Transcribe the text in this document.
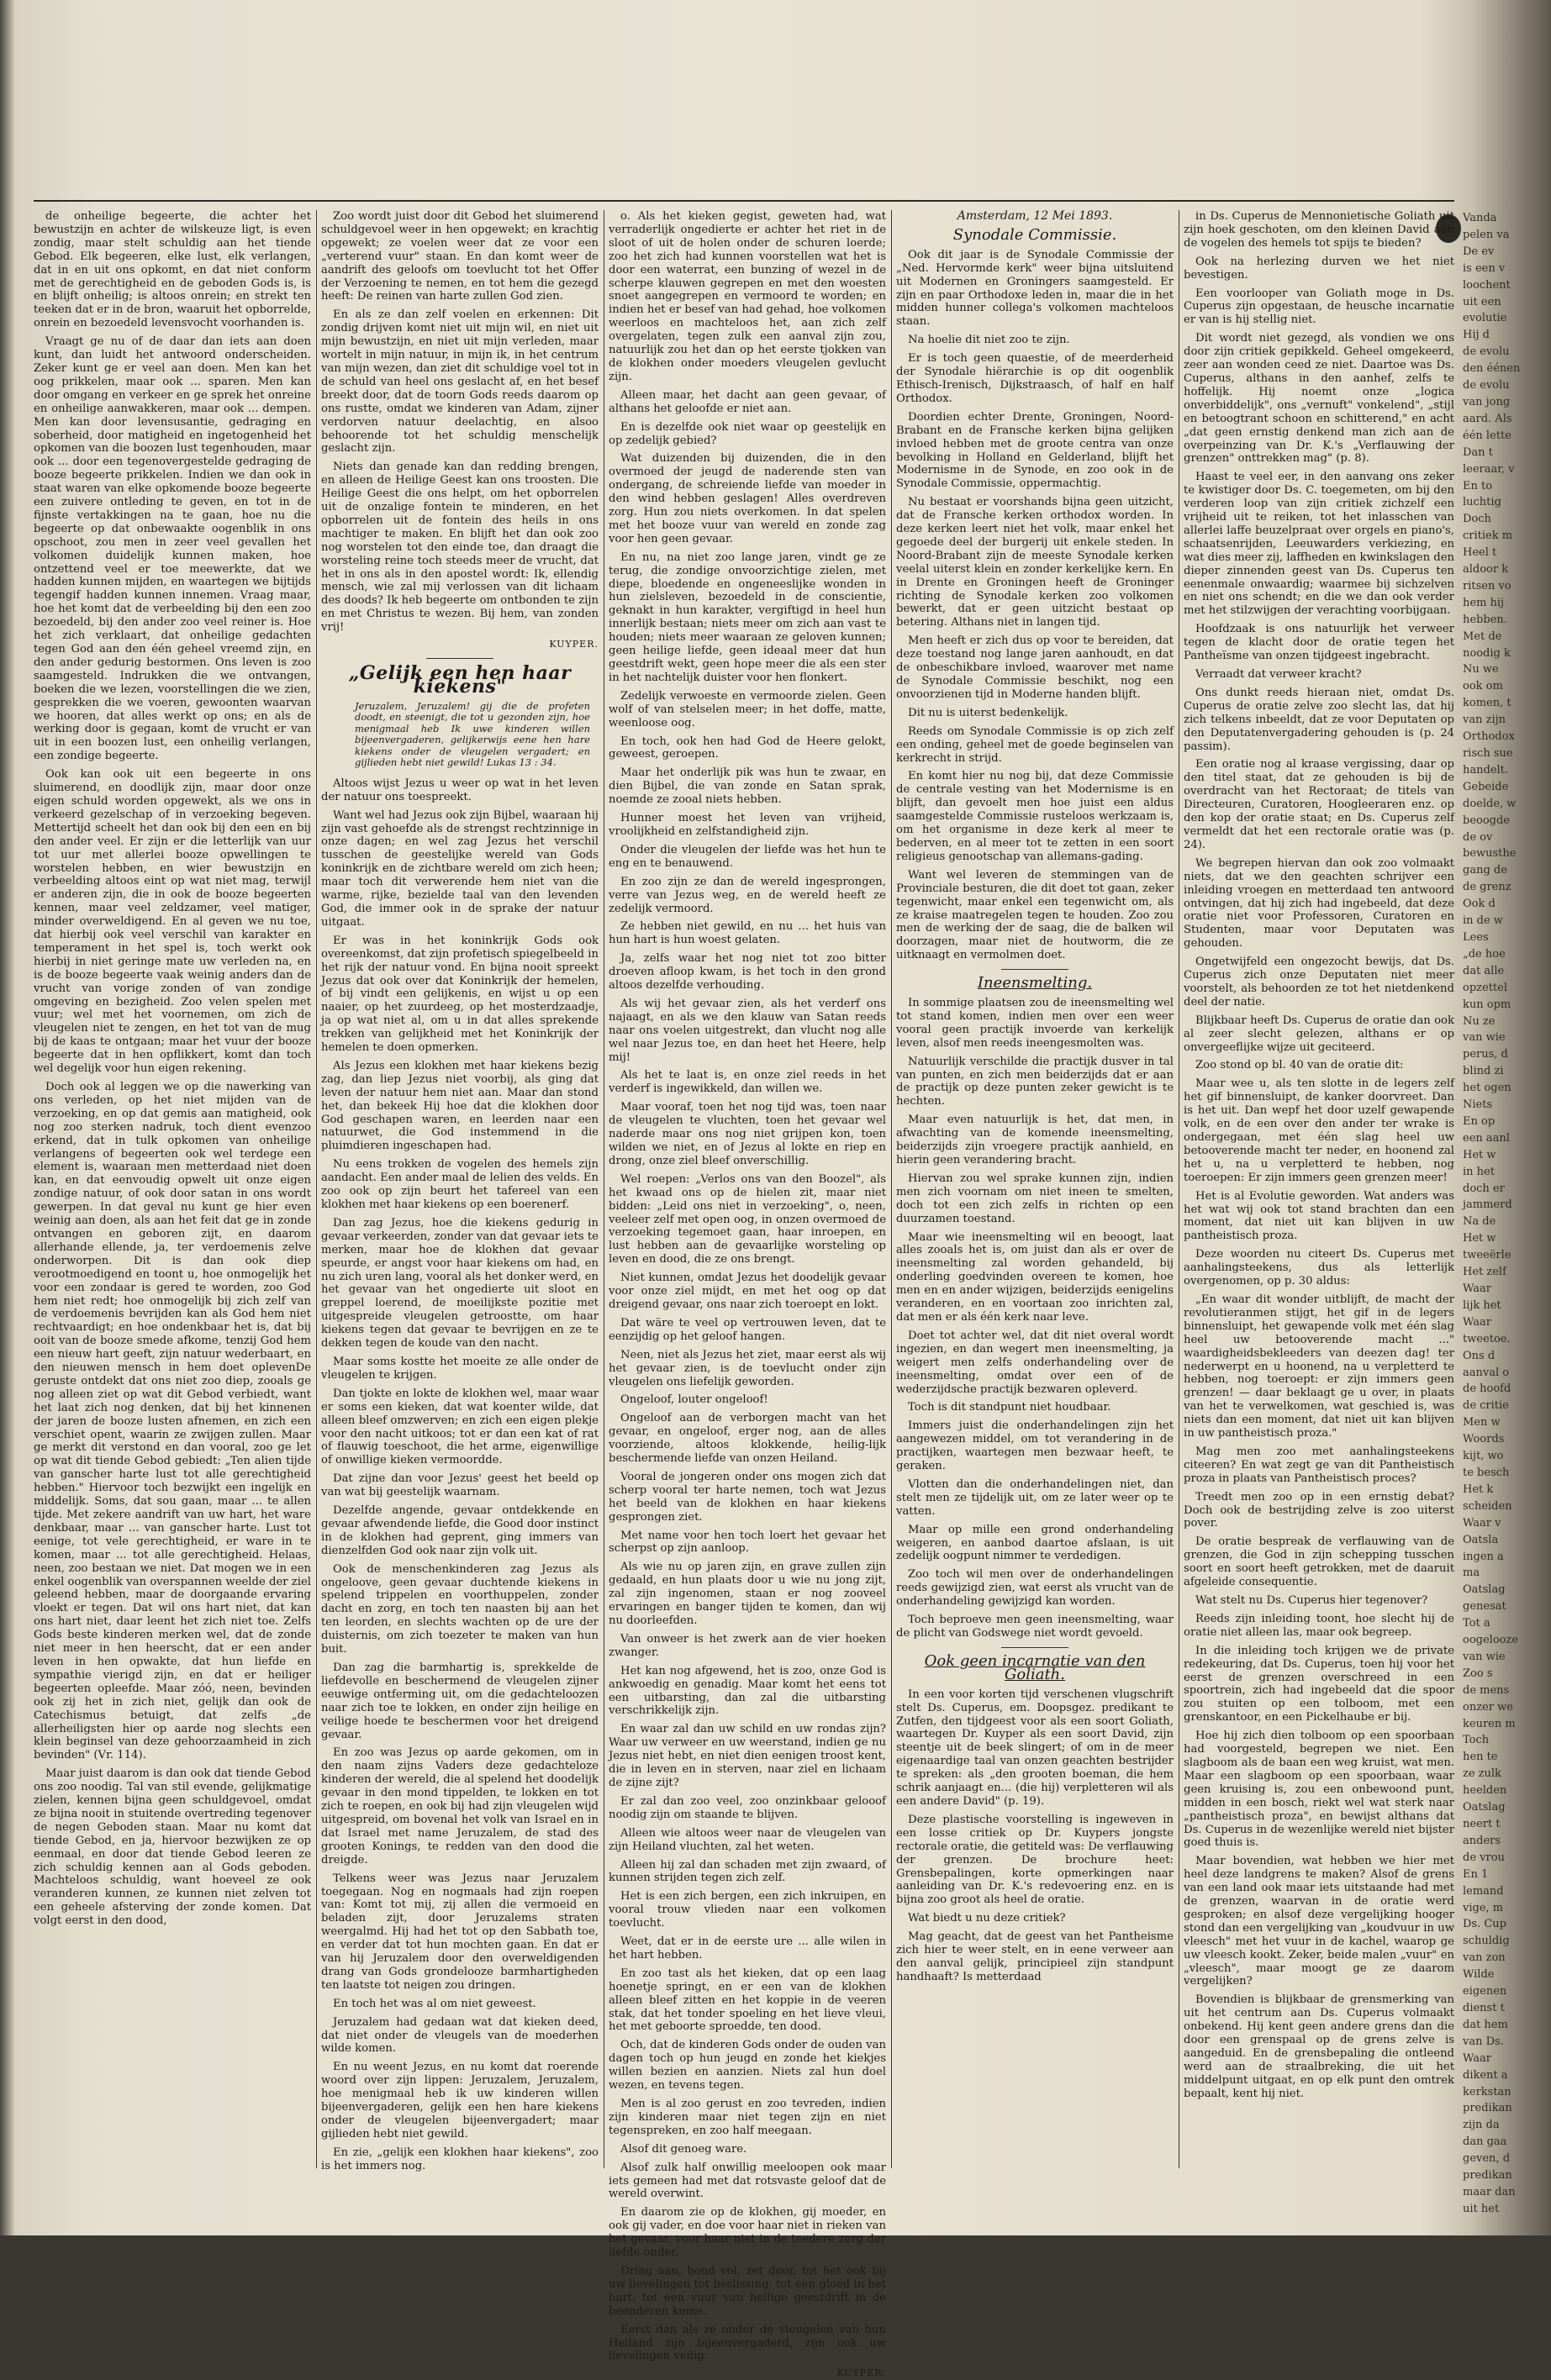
de onheilige begeerte, die achter het bewustzijn en achter de wilskeuze ligt, is even zondig, maar stelt schuldig aan het tiende Gebod. Elk begeeren, elke lust, elk verlangen, dat in en uit ons opkomt, en dat niet conform met de gerechtigheid en de geboden Gods is, is en blijft onheilig; is altoos onrein; en strekt ten teeken dat er in de bron, waaruit het opborrelde, onrein en bezoedeld levensvocht voorhanden is.

Vraagt ge nu of de daar dan iets aan doen kunt, dan luidt het antwoord onderscheiden. Zeker kunt ge er veel aan doen. Men kan het oog prikkelen, maar ook ... sparen. Men kan door omgang en verkeer en ge sprek het onreine en onheilige aanwakkeren, maar ook ... dempen. Men kan door levensusantie, gedraging en soberheid, door matigheid en ingetogenheid het opkomen van die boozen lust tegenhouden, maar ook ... door een tegenovergestelde gedraging de booze begeerte prikkelen. Indien we dan ook in staat waren van elke opkomende booze begeerte een zuivere ontleding te geven, en tot in de fijnste vertakkingen na te gaan, hoe nu die begeerte op dat onbewaakte oogenblik in ons opschoot, zou men in zeer veel gevallen het volkomen duidelijk kunnen maken, hoe ontzettend veel er toe meewerkte, dat we hadden kunnen mijden, en waartegen we bijtijds tegengif hadden kunnen innemen. Vraag maar, hoe het komt dat de verbeelding bij den een zoo bezoedeld, bij den ander zoo veel reiner is. Hoe het zich verklaart, dat onheilige gedachten tegen God aan den één geheel vreemd zijn, en den ander gedurig bestormen. Ons leven is zoo saamgesteld. Indrukken die we ontvangen, boeken die we lezen, voorstellingen die we zien, gesprekken die we voeren, gewoonten waarvan we hooren, dat alles werkt op ons; en als de werking door is gegaan, komt de vrucht er van uit in een boozen lust, een onheilig verlangen, een zondige begeerte.

Ook kan ook uit een begeerte in ons sluimerend, en doodlijk zijn, maar door onze eigen schuld worden opgewekt, als we ons in verkeerd gezelschap of in verzoeking begeven. Mettertijd scheelt het dan ook bij den een en bij den ander veel. Er zijn er die letterlijk van uur tot uur met allerlei booze opwellingen te worstelen hebben, en wier bewustzijn en verbeelding altoos eint op wat niet mag, terwijl er anderen zijn, die in ook de booze begeerten kennen, maar veel zeldzamer, veel matiger, minder overweldigend. En al geven we nu toe, dat hierbij ook veel verschil van karakter en temperament in het spel is, toch werkt ook hierbij in niet geringe mate uw verleden na, en is de booze begeerte vaak weinig anders dan de vrucht van vorige zonden of van zondige omgeving en bezigheid. Zoo velen spelen met vuur; wel met het voornemen, om zich de vleugelen niet te zengen, en het tot van de mug bij de kaas te ontgaan; maar het vuur der booze begeerte dat in hen opflikkert, komt dan toch wel degelijk voor hun eigen rekening.

Doch ook al leggen we op die nawerking van ons verleden, op het niet mijden van de verzoeking, en op dat gemis aan matigheid, ook nog zoo sterken nadruk, toch dient evenzoo erkend, dat in tulk opkomen van onheilige verlangens of begeerten ook wel terdege een element is, waaraan men metterdaad niet doen kan, en dat eenvoudig opwelt uit onze eigen zondige natuur, of ook door satan in ons wordt gewerpen. In dat geval nu kunt ge hier even weinig aan doen, als aan het feit dat ge in zonde ontvangen en geboren zijt, en daarom allerhande ellende, ja, ter verdoemenis zelve onderworpen. Dit is dan ook diep verootmoedigend en toont u, hoe onmogelijk het voor een zondaar is gered te worden, zoo God hem niet redt; hoe onmogelijk bij zich zelf van de verdoemenis bevrijden kan als God hem niet rechtvaardigt; en hoe ondenkbaar het is, dat bij ooit van de booze smede afkome, tenzij God hem een nieuw hart geeft, zijn natuur wederbaart, en den nieuwen mensch in hem doet oplevenDe geruste ontdekt dat ons niet zoo diep, zooals ge nog alleen ziet op wat dit Gebod verbiedt, want het laat zich nog denken, dat bij het kinnenen der jaren de booze lusten afnemen, en zich een verschiet opent, waarin ze zwijgen zullen. Maar ge merkt dit verstond en dan vooral, zoo ge let op wat dit tiende Gebod gebiedt: „Ten alien tijde van ganscher harte lust tot alle gerechtigheid hebben." Hiervoor toch bezwijkt een ingelijk en middelijk. Soms, dat sou gaan, maar ... te allen tijde. Met zekere aandrift van uw hart, het ware denkbaar, maar ... van ganscher harte. Lust tot eenige, tot vele gerechtigheid, er ware in te komen, maar ... tot alle gerechtigheid. Helaas, neen, zoo bestaan we niet. Dat mogen we in een enkel oogenblik van overspannen weelde der ziel geleend hebben, maar de doorgaande ervaring vloekt er tegen. Dat wil ons hart niet, dat kan ons hart niet, daar leent het zich niet toe. Zelfs Gods beste kinderen merken wel, dat de zonde niet meer in hen heerscht, dat er een ander leven in hen opwakte, dat hun liefde en sympathie vierigd zijn, en dat er heiliger begeerten opleefde. Maar zóó, neen, bevinden ook zij het in zich niet, gelijk dan ook de Catechismus betuigt, dat zelfs „de allerheiligsten hier op aarde nog slechts een klein beginsel van deze gehoorzaamheid in zich bevinden" (Vr. 114).

Maar juist daarom is dan ook dat tiende Gebod ons zoo noodig. Tal van stil evende, gelijkmatige zielen, kennen bijna geen schuldgevoel, omdat ze bijna nooit in stuitende overtreding tegenover de negen Geboden staan. Maar nu komt dat tiende Gebod, en ja, hiervoor bezwijken ze op eenmaal, en door dat tiende Gebod leeren ze zich schuldig kennen aan al Gods geboden. Machteloos schuldig, want hoeveel ze ook veranderen kunnen, ze kunnen niet zelven tot een geheele afsterving der zonde komen. Dat volgt eerst in den dood,

Zoo wordt juist door dit Gebod het sluimerend schuldgevoel weer in hen opgewekt; en krachtig opgewekt; ze voelen weer dat ze voor een „verterend vuur" staan. En dan komt weer de aandrift des geloofs om toevlucht tot het Offer der Verzoening te nemen, en tot hem die gezegd heeft: De reinen van harte zullen God zien.

En als ze dan zelf voelen en erkennen: Dit zondig drijven komt niet uit mijn wil, en niet uit mijn bewustzijn, en niet uit mijn verleden, maar wortelt in mijn natuur, in mijn ik, in het centrum van mijn wezen, dan ziet dit schuldige voel tot in de schuld van heel ons geslacht af, en het besef breekt door, dat de toorn Gods reeds daarom op ons rustte, omdat we kinderen van Adam, zijner verdorven natuur deelachtig, en alsoo behoorende tot het schuldig menschelijk geslacht zijn.

Niets dan genade kan dan redding brengen, en alleen de Heilige Geest kan ons troosten. Die Heilige Geest die ons helpt, om het opborrelen uit de onzalige fontein te minderen, en het opborrelen uit de fontein des heils in ons machtiger te maken. En blijft het dan ook zoo nog worstelen tot den einde toe, dan draagt die worsteling reine toch steeds meer de vrucht, dat het in ons als in den apostel wordt: Ik, ellendig mensch, wie zal mij verlossen van dit lichaam des doods? Ik heb begeerte om ontbonden te zijn en met Christus te wezen. Bij hem, van zonden vrij!

KUYPER.
„Gelijk een hen haar kiekens"
Jeruzalem, Jeruzalem! gij die de profeten doodt, en steenigt, die tot u gezonden zijn, hoe menigmaal heb Ik uwe kinderen willen bijeenvergaderen, gelijkerwijs eene hen hare kiekens onder de vleugelen vergadert; en gijlieden hebt niet gewild! Lukas 13 : 34.

Altoos wijst Jezus u weer op wat in het leven der natuur ons toespreekt.

Want wel had Jezus ook zijn Bijbel, waaraan hij zijn vast gehoefde als de strengst rechtzinnige in onze dagen; en wel zag Jezus het verschil tusschen de geestelijke wereld van Gods koninkrijk en de zichtbare wereld om zich heen; maar toch dit verwerende hem niet van die warme, rijke, bezielde taal van den levenden God, die immer ook in de sprake der natuur uitgaat.

Er was in het koninkrijk Gods ook overeenkomst, dat zijn profetisch spiegelbeeld in het rijk der natuur vond. En bijna nooit spreekt Jezus dat ook over dat Koninkrijk der hemelen, of bij vindt een gelijkenis, en wijst u op een naaier, op het zuurdeeg, op het mosterdzaadje, ja op wat niet al, om u in dat alles sprekende trekken van gelijkheid met het Koninkrijk der hemelen te doen opmerken.

Als Jezus een klokhen met haar kiekens bezig zag, dan liep Jezus niet voorbij, als ging dat leven der natuur hem niet aan. Maar dan stond het, dan bekeek Hij hoe dat die klokhen door God geschapen waren, en leerden naar een natuurwet, die God instemmend in die pluimdieren ingeschapen had.

Nu eens trokken de vogelen des hemels zijn aandacht. Een ander maal de lelien des velds. En zoo ook op zijn beurt het tafereel van een klokhen met haar kiekens op een boerenerf.

Dan zag Jezus, hoe die kiekens gedurig in gevaar verkeerden, zonder van dat gevaar iets te merken, maar hoe de klokhen dat gevaar speurde, er angst voor haar kiekens om had, en nu zich uren lang, vooral als het donker werd, en het gevaar van het ongedierte uit sloot en greppel loerend, de moeilijkste pozitie met uitgespreide vleugelen getroostte, om haar kiekens tegen dat gevaar te bevrijgen en ze te dekken tegen de koude van den nacht.

Maar soms kostte het moeite ze alle onder de vleugelen te krijgen.

Dan tjokte en lokte de klokhen wel, maar waar er soms een kieken, dat wat koenter wilde, dat alleen bleef omzwerven; en zich een eigen plekje voor den nacht uitkoos; tot er dan een kat of rat of flauwig toeschoot, die het arme, eigenwillige of onwillige kieken vermoordde.

Dat zijne dan voor Jezus' geest het beeld op van wat bij geestelijk waarnam.

Dezelfde angende, gevaar ontdekkende en gevaar afwendende liefde, die Good door instinct in de klokhen had geprent, ging immers van dienzelfden God ook naar zijn volk uit.

Ook de menschenkinderen zag Jezus als ongeloove, geen gevaar duchtende kiekens in spelend trippelen en voorthuppelen, zonder dacht en zorg, en toch ten naasten bij aan het ten leorden, en slechts wachten op de ure der duisternis, om zich toezeter te maken van hun buit.

Dan zag die barmhartig is, sprekkelde de liefdevolle en beschermend de vleugelen zijner eeuwige ontferming uit, om die gedachteloozen naar zich toe te lokken, en onder zijn heilige en veilige hoede te beschermen voor het dreigend gevaar.

En zoo was Jezus op aarde gekomen, om in den naam zijns Vaders deze gedachteloze kinderen der wereld, die al spelend het doodelijk gevaar in den mond tippelden, te lokken en tot zich te roepen, en ook bij had zijn vleugelen wijd uitgespreid, om bovenal het volk van Israel en in dat Israel met name Jeruzalem, de stad des grooten Konings, te redden van den dood die dreigde.

Telkens weer was Jezus naar Jeruzalem toegegaan. Nog en nogmaals had zijn roepen van: Komt tot mij, zij allen die vermoeid en beladen zijt, door Jeruzalems straten weergalmd. Hij had het tot op den Sabbath toe, en verder dat tot hun mochten gaan. En dat er van hij Jeruzalem door den overweldigenden drang van Gods grondelooze barmhartigheden ten laatste tot neigen zou dringen.

En toch het was al om niet geweest.

Jeruzalem had gedaan wat dat kieken deed, dat niet onder de vleugels van de moederhen wilde komen.

En nu weent Jezus, en nu komt dat roerende woord over zijn lippen: Jeruzalem, Jeruzalem, hoe menigmaal heb ik uw kinderen willen bijeenvergaderen, gelijk een hen hare kiekens onder de vleugelen bijeenvergadert; maar gijlieden hebt niet gewild.

En zie, „gelijk een klokhen haar kiekens", zoo is het immers nog.

o. Als het kieken gegist, geweten had, wat verraderlijk ongedierte er achter het riet in de sloot of uit de holen onder de schuren loerde; zoo het zich had kunnen voorstellen wat het is door een waterrat, een bunzing of wezel in de scherpe klauwen gegrepen en met den woesten snoet aangegrepen en vermoord te worden; en indien het er besef van had gehad, hoe volkomen weerloos en machteloos het, aan zich zelf overgelaten, tegen zulk een aanval zijn zou, natuurlijk zou het dan op het eerste tjokken van de klokhen onder moeders vleugelen gevlucht zijn.

Alleen maar, het dacht aan geen gevaar, of althans het geloofde er niet aan.

En is dezelfde ook niet waar op geestelijk en op zedelijk gebied?

Wat duizenden bij duizenden, die in den overmoed der jeugd de naderende sten van ondergang, de schreiende liefde van moeder in den wind hebben geslagen! Alles overdreven zorg. Hun zou niets overkomen. In dat spelen met het booze vuur van wereld en zonde zag voor hen geen gevaar.

En nu, na niet zoo lange jaren, vindt ge ze terug, die zondige onvoorzichtige zielen, met diepe, bloedende en ongeneeslijke wonden in hun zielsleven, bezoedeld in de conscientie, geknakt in hun karakter, vergiftigd in heel hun innerlijk bestaan; niets meer om zich aan vast te houden; niets meer waaraan ze geloven kunnen; geen heilige liefde, geen ideaal meer dat hun geestdrift wekt, geen hope meer die als een ster in het nachtelijk duister voor hen flonkert.

Zedelijk verwoeste en vermoorde zielen. Geen wolf of van stelselen meer; in het doffe, matte, weenloose oog.

En toch, ook hen had God de Heere gelokt, geweest, geroepen.

Maar het onderlijk pik was hun te zwaar, en dien Bijbel, die van zonde en Satan sprak, noemde ze zooal niets hebben.

Hunner moest het leven van vrijheid, vroolijkheid en zelfstandigheid zijn.

Onder die vleugelen der liefde was het hun te eng en te benauwend.

En zoo zijn ze dan de wereld ingesprongen, verre van Jezus weg, en de wereld heeft ze zedelijk vermoord.

Ze hebben niet gewild, en nu ... het huis van hun hart is hun woest gelaten.

Ja, zelfs waar het nog niet tot zoo bitter droeven afloop kwam, is het toch in den grond altoos dezelfde verhouding.

Als wij het gevaar zien, als het verderf ons najaagt, en als we den klauw van Satan reeds naar ons voelen uitgestrekt, dan vlucht nog alle wel naar Jezus toe, en dan heet het Heere, help mij!

Als het te laat is, en onze ziel reeds in het verderf is ingewikkeld, dan willen we.

Maar vooraf, toen het nog tijd was, toen naar de vleugelen te vluchten, toen het gevaar wel naderde maar ons nog niet grijpen kon, toen wilden we niet, en of Jezus al lokte en riep en drong, onze ziel bleef onverschillig.

Wel roepen: „Verlos ons van den Boozel", als het kwaad ons op de hielen zit, maar niet bidden: „Leid ons niet in verzoeking", o, neen, veeleer zelf met open oog, in onzen overmoed de verzoeking tegemoet gaan, haar inroepen, en lust hebben aan de gevaarlijke worsteling op leven en dood, die ze ons brengt.

Niet kunnen, omdat Jezus het doodelijk gevaar voor onze ziel mijdt, en met het oog op dat dreigend gevaar, ons naar zich toeroept en lokt.

Dat wäre te veel op vertrouwen leven, dat te eenzijdig op het geloof hangen.

Neen, niet als Jezus het ziet, maar eerst als wij het gevaar zien, is de toevlucht onder zijn vleugelen ons liefelijk geworden.

Ongeloof, louter ongeloof!

Ongeloof aan de verborgen macht van het gevaar, en ongeloof, erger nog, aan de alles voorziende, altoos klokkende, heilig-lijk beschermende liefde van onzen Heiland.

Vooral de jongeren onder ons mogen zich dat scherp vooral ter harte nemen, toch wat Jezus het beeld van de klokhen en haar kiekens gesprongen ziet.

Met name voor hen toch loert het gevaar het scherpst op zijn aanloop.

Als wie nu op jaren zijn, en grave zullen zijn gedaald, en hun plaats door u wie nu jong zijt, zal zijn ingenomen, staan er nog zooveel ervaringen en banger tijden te komen, dan wij nu doorleefden.

Van onweer is het zwerk aan de vier hoeken zwanger.

Het kan nog afgewend, het is zoo, onze God is ankwoedig en genadig. Maar komt het eens tot een uitbarsting, dan zal die uitbarsting verschrikkelijk zijn.

En waar zal dan uw schild en uw rondas zijn? Waar uw verweer en uw weerstand, indien ge nu Jezus niet hebt, en niet dien eenigen troost kent, die in leven en in sterven, naar ziel en lichaam de zijne zijt?

Er zal dan zoo veel, zoo onzinkbaar gelooof noodig zijn om staande te blijven.

Alleen wie altoos weer naar de vleugelen van zijn Heiland vluchten, zal het weten.

Alleen hij zal dan schaden met zijn zwaard, of kunnen strijden tegen zich zelf.

Het is een zich bergen, een zich inkruipen, en vooral trouw vlieden naar een volkomen toevlucht.

Weet, dat er in de eerste ure ... alle wilen in het hart hebben.

En zoo tast als het kieken, dat op een laag hoenetje springt, en er een van de klokhen alleen bleef zitten en het koppie in de veeren stak, dat het tonder spoeling en het lieve vleui, het met geboorte sproedde, ten dood.

Och, dat de kinderen Gods onder de ouden van dagen toch op hun jeugd en zonde het kiekjes willen bezien en aanzien. Niets zal hun doel wezen, en tevens tegen.

Men is al zoo gerust en zoo tevreden, indien zijn kinderen maar niet tegen zijn en niet tegenspreken, en zoo half meegaan.

Alsof dit genoeg ware.

Alsof zulk half onwillig meeloopen ook maar iets gemeen had met dat rotsvaste geloof dat de wereld overwint.

En daarom zie op de klokhen, gij moeder, en ook gij vader, en doe voor haar niet in rieken van het gevaar, voor haar niet in de teedere zorg der liefde onder.

Dring aan, houd vol, zet door, tot het ook bij uw lievelingen tot beslissing, tot een gloed in het hart, tot een vuur van heilige geestdrift in de beenderen kome.

Eerst dan als ze onder de vleugelen van hun Heiland zijn bijeenvergaderd, zijn ook uw lievelingen veilig.

KUYPER.
Amsterdam, 12 Mei 1893.
Synodale Commissie.

Ook dit jaar is de Synodale Commissie der „Ned. Hervormde kerk" weer bijna uitsluitend uit Modernen en Groningers saamgesteld. Er zijn en paar Orthodoxe leden in, maar die in het midden hunner collega's volkomen machteloos staan.

Na hoelie dit niet zoo te zijn.

Er is toch geen quaestie, of de meerderheid der Synodale hiërarchie is op dit oogenblik Ethisch-Irenisch, Dijkstraasch, of half en half Orthodox.

Doordien echter Drente, Groningen, Noord-Brabant en de Fransche kerken bijna gelijken invloed hebben met de groote centra van onze bevolking in Holland en Gelderland, blijft het Modernisme in de Synode, en zoo ook in de Synodale Commissie, oppermachtig.

Nu bestaat er voorshands bijna geen uitzicht, dat de Fransche kerken orthodox worden. In deze kerken leert niet het volk, maar enkel het gegoede deel der burgerij uit enkele steden. In Noord-Brabant zijn de meeste Synodale kerken veelal uiterst klein en zonder kerkelijke kern. En in Drente en Groningen heeft de Groninger richting de Synodale kerken zoo volkomen bewerkt, dat er geen uitzicht bestaat op betering. Althans niet in langen tijd.

Men heeft er zich dus op voor te bereiden, dat deze toestand nog lange jaren aanhoudt, en dat de onbeschikbare invloed, waarover met name de Synodale Commissie beschikt, nog een onvoorzienen tijd in Moderne handen blijft.

Dit nu is uiterst bedenkelijk.

Reeds om Synodale Commissie is op zich zelf een onding, geheel met de goede beginselen van kerkrecht in strijd.

En komt hier nu nog bij, dat deze Commissie de centrale vesting van het Modernisme is en blijft, dan gevoelt men hoe juist een aldus saamgestelde Commissie rusteloos werkzaam is, om het organisme in deze kerk al meer te bederven, en al meer tot te zetten in een soort religieus genootschap van allemans-gading.

Want wel leveren de stemmingen van de Provinciale besturen, die dit doet tot gaan, zeker tegenwicht, maar enkel een tegenwicht om, als ze kraise maatregelen tegen te houden. Zoo zou men de werking der de saag, die de balken wil doorzagen, maar niet de houtworm, die ze uitknaagt en vermolmen doet.

Ineensmelting.

In sommige plaatsen zou de ineensmelting wel tot stand komen, indien men over een weer vooral geen practijk invoerde van kerkelijk leven, alsof men reeds ineengesmolten was.

Natuurlijk verschilde die practijk dusver in tal van punten, en zich men beiderzijds dat er aan de practijk op deze punten zeker gewicht is te hechten.

Maar even natuurlijk is het, dat men, in afwachting van de komende ineensmelting, beiderzijds zijn vroegere practijk aanhield, en hierin geen verandering bracht.

Hiervan zou wel sprake kunnen zijn, indien men zich voornam om niet ineen te smelten, doch tot een zich zelfs in richten op een duurzamen toestand.

Maar wie ineensmelting wil en beoogt, laat alles zooals het is, om juist dan als er over de ineensmelting zal worden gehandeld, bij onderling goedvinden overeen te komen, hoe men en en ander wijzigen, beiderzijds eenigelins veranderen, en en voortaan zoo inrichten zal, dat men er als één kerk naar leve.

Doet tot achter wel, dat dit niet overal wordt ingezien, en dan wegert men ineensmelting, ja weigert men zelfs onderhandeling over de ineensmelting, omdat over een of de wederzijdsche practijk bezwaren opleverd.

Toch is dit standpunt niet houdbaar.

Immers juist die onderhandelingen zijn het aangewezen middel, om tot verandering in de practijken, waartegen men bezwaar heeft, te geraken.

Vlotten dan die onderhandelingen niet, dan stelt men ze tijdelijk uit, om ze later weer op te vatten.

Maar op mille een grond onderhandeling weigeren, en aanbod daartoe afslaan, is uit zedelijk oogpunt nimmer te verdedigen.

Zoo toch wil men over de onderhandelingen reeds gewijzigd zien, wat eerst als vrucht van de onderhandeling gewijzigd kan worden.

Toch beproeve men geen ineensmelting, waar de plicht van Godswege niet wordt gevoeld.

Ook geen incarnatie van den Goliath.

In een voor korten tijd verschenen vlugschrift stelt Ds. Cuperus, em. Doopsgez. predikant te Zutfen, den tijdgeest voor als een soort Goliath, waartegen Dr. Kuyper als een soort David, zijn steentje uit de beek slingert; of om in de meer eigenaardige taal van onzen geachten bestrijder te spreken: als „den grooten boeman, die hem schrik aanjaagt en... (die hij) verpletteren wil als een andere David" (p. 19).

Deze plastische voorstelling is ingeweven in een losse critiek op Dr. Kuypers jongste rectorale oratie, die getiteld was: De verflauwing der grenzen. De brochure heet: Grensbepalingen, korte opmerkingen naar aanleiding van Dr. K.'s redevoering enz. en is bijna zoo groot als heel de oratie.

Wat biedt u nu deze critiek?

Mag geacht, dat de geest van het Pantheisme zich hier te weer stelt, en in eene verweer aan den aanval gelijk, principieel zijn standpunt handhaaft? Is metterdaad

in Ds. Cuperus de Mennonietische Goliath uit zijn hoek geschoten, om den kleinen David aan de vogelen des hemels tot spijs te bieden?

Ook na herlezing durven we het niet bevestigen.

Een voorlooper van Goliath moge in Ds. Cuperus zijn opgestaan, de heusche incarnatie er van is hij stellig niet.

Dit wordt niet gezegd, als vondien we ons door zijn critiek gepikkeld. Geheel omgekeerd, zeer aan wonden ceed ze niet. Daartoe was Ds. Cuperus, althans in den aanhef, zelfs te hoffelijk. Hij noemt onze „logica onverbiddelijk", ons „vernuft" vonkelend", „stijl en betoogtrant schoon en schitterend," en acht „dat geen ernstig denkend man zich aan de overpeinzing van Dr. K.'s „Verflauwing der grenzen" onttrekken mag" (p. 8).

Haast te veel eer, in den aanvang ons zeker te kwistiger door Ds. C. toegemeten, om bij den verderen loop van zijn critiek zichzelf een vrijheid uit te reiken, tot het inlasschen van allerlei laffe beuzelpraat over orgels en piano's, schaatsenrijden, Leeuwarders verkiezing, en wat dies meer zij, laffheden en kwinkslagen den dieper zinnenden geest van Ds. Cuperus ten eenenmale onwaardig; waarmee bij sichzelven en niet ons schendt; en die we dan ook verder met het stilzwijgen der verachting voorbijgaan.

Hoofdzaak is ons natuurlijk het verweer tegen de klacht door de oratie tegen het Pantheïsme van onzen tijdgeest ingebracht.

Verraadt dat verweer kracht?

Ons dunkt reeds hieraan niet, omdat Ds. Cuperus de oratie zelve zoo slecht las, dat hij zich telkens inbeeldt, dat ze voor Deputaten op den Deputatenvergadering gehouden is (p. 24 passim).

Een oratie nog al kraase vergissing, daar op den titel staat, dat ze gehouden is bij de overdracht van het Rectoraat; de titels van Directeuren, Curatoren, Hoogleeraren enz. op den kop der oratie staat; en Ds. Cuperus zelf vermeldt dat het een rectorale oratie was (p. 24).

We begrepen hiervan dan ook zoo volmaakt niets, dat we den geachten schrijver een inleiding vroegen en metterdaad ten antwoord ontvingen, dat hij zich had ingebeeld, dat deze oratie niet voor Professoren, Curatoren en Studenten, maar voor Deputaten was gehouden.

Ongetwijfeld een ongezocht bewijs, dat Ds. Cuperus zich onze Deputaten niet meer voorstelt, als behoorden ze tot het nietdenkend deel der natie.

Blijkbaar heeft Ds. Cuperus de oratie dan ook al zeer slecht gelezen, althans er op onvergeeflijke wijze uit geciteerd.

Zoo stond op bl. 40 van de oratie dit:

Maar wee u, als ten slotte in de legers zelf het gif binnensluipt, de kanker doorvreet. Dan is het uit. Dan wepf het door uzelf gewapende volk, en de een over den ander ter wrake is ondergegaan, met één slag heel uw betooverende macht ter neder, en hoonend zal het u, na u verpletterd te hebben, nog toeroepen: Er zijn immers geen grenzen meer!

Het is al Evolutie geworden. Wat anders was het wat wij ook tot stand brachten dan een moment, dat niet uit kan blijven in uw pantheistisch proza.

Deze woorden nu citeert Ds. Cuperus met aanhalingsteekens, dus als letterlijk overgenomen, op p. 30 aldus:

„En waar dit wonder uitblijft, de macht der revolutieranmen stijgt, het gif in de legers binnensluipt, het gewapende volk met één slag heel uw betooverende macht ..." waardigheidsbekleeders van deezen dag! ter nederwerpt en u hoonend, na u verpletterd te hebben, nog toeroept: er zijn immers geen grenzen! — daar beklaagt ge u over, in plaats van het te verwelkomen, wat geschied is, was niets dan een moment, dat niet uit kan blijven in uw pantheistisch proza."

Mag men zoo met aanhalingsteekens citeeren? En wat zegt ge van dit Pantheistisch proza in plaats van Pantheistisch proces?

Treedt men zoo op in een ernstig debat? Doch ook de bestrijding zelve is zoo uiterst pover.

De oratie bespreak de verflauwing van de grenzen, die God in zijn schepping tusschen soort en soort heeft getrokken, met de daaruit afgeleide consequentie.

Wat stelt nu Ds. Cuperus hier tegenover?

Reeds zijn inleiding toont, hoe slecht hij de oratie niet alleen las, maar ook begreep.

In die inleiding toch krijgen we de private redekeuring, dat Ds. Cuperus, toen hij voor het eerst de grenzen overschreed in een spoortrein, zich had ingebeeld dat die spoor zou stuiten op een tolboom, met een grenskantoor, en een Pickelhaube er bij.

Hoe hij zich dien tolboom op een spoorbaan had voorgesteld, begrepen we niet. Een slagboom als de baan een weg kruist, wat men. Maar een slagboom op een spoorbaan, waar geen kruising is, zou een onbewoond punt, midden in een bosch, riekt wel wat sterk naar „pantheistisch proza", en bewijst althans dat Ds. Cuperus in de wezenlijke wereld niet bijster goed thuis is.

Maar bovendien, wat hebben we hier met heel deze landgrens te maken? Alsof de grens van een land ook maar iets uitstaande had met de grenzen, waarvan in de oratie werd gesproken; en alsof deze vergelijking hooger stond dan een vergelijking van „koudvuur in uw vleesch" met het vuur in de kachel, waarop ge uw vleesch kookt. Zeker, beide malen „vuur" en „vleesch", maar moogt ge ze daarom vergelijken?

Bovendien is blijkbaar de grensmerking van uit het centrum aan Ds. Cuperus volmaakt onbekend. Hij kent geen andere grens dan die door een grenspaal op de grens zelve is aangeduid. En de grensbepaling die ontleend werd aan de straalbreking, die uit het middelpunt uitgaat, en op elk punt den omtrek bepaalt, kent hij niet.

Vanda
pelen va
De ev
is een v
loochent
uit een
evolutie
Hij d
de evolu
den éénen
de evolu
van jong
aard. Als
één lette
Dan t
leeraar, v
En to
luchtig
Doch
critiek m
Heel t
aldoor k
ritsen vo
hem hij
hebben.
Met de
noodig k
Nu we
ook om
komen, t
van zijn
Orthodox
risch sue
handelt.
Gebeide
doelde, w
beoogde
de ov
bewusthe
gang de
de grenz
Ook d
in de w
Lees
„de hoe
dat alle
opzettel
kun opm
Nu ze
van wie
perus, d
blind zi
het ogen
Niets
En op
een aanl
Het w
in het
doch er
jammerd
Na de
Het w
tweeërle
Het zelf
Waar
lijk het
Waar
tweetoe.
Ons d
aanval o
de hoofd
de critie
Men w
Woords
kijt, wo
te besch
Het k
scheiden
Waar v
Oatsla
ingen a
ma
Oatslag
genesat
Tot a
oogelooze
van wie
Zoo s
de mens
onzer we
keuren m
Toch
hen te
ze zulk
heelden
Oatslag
neert t
anders
de vrou
En 1
lemand
vige, m
Ds. Cup
schuldig
van zon
Wilde
eigenen
dienst t
dat hem
van Ds.
Waar
dikent a
kerkstan
predikan
zijn da
dan gaa
geven, d
predikan
maar dan
uit het
